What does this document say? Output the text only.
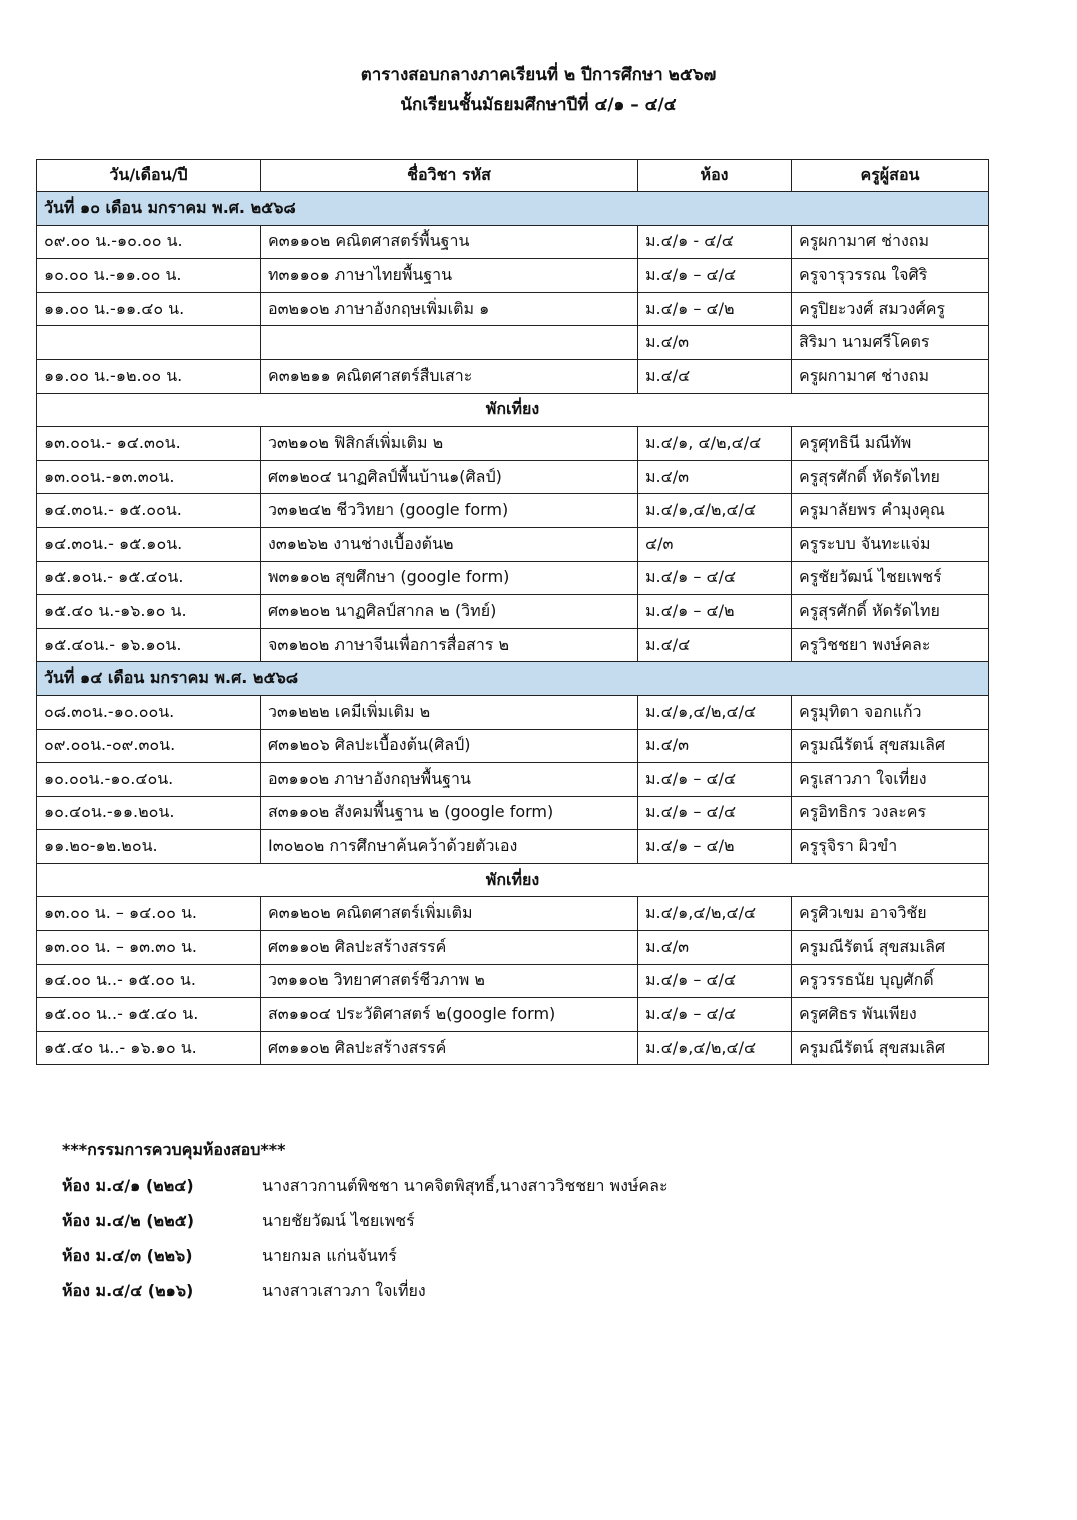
ตารางสอบกลางภาคเรียนที่ ๒ ปีการศึกษา ๒๕๖๗
นักเรียนชั้นมัธยมศึกษาปีที่ ๔/๑ – ๔/๔
วัน/เดือน/ปี	ชื่อวิชา รหัส	ห้อง	ครูผู้สอน
วันที่ ๑๐ เดือน มกราคม พ.ศ. ๒๕๖๘			
๐๙.๐๐ น.-๑๐.๐๐ น.	ค๓๑๑๐๒ คณิตศาสตร์พื้นฐาน	ม.๔/๑ - ๔/๔	ครูผกามาศ ช่างถม
๑๐.๐๐ น.-๑๑.๐๐ น.	ท๓๑๑๐๑ ภาษาไทยพื้นฐาน	ม.๔/๑ – ๔/๔	ครูจารุวรรณ ใจศิริ
๑๑.๐๐ น.-๑๑.๔๐ น.	อ๓๒๑๐๒ ภาษาอังกฤษเพิ่มเติม ๑	ม.๔/๑ – ๔/๒	ครูปิยะวงศ์ สมวงศ์ครู
		ม.๔/๓	สิริมา นามศรีโคตร
๑๑.๐๐ น.-๑๒.๐๐ น.	ค๓๑๒๑๑ คณิตศาสตร์สืบเสาะ	ม.๔/๔	ครูผกามาศ ช่างถม
พักเที่ยง			
๑๓.๐๐น.- ๑๔.๓๐น.	ว๓๒๑๐๒ ฟิสิกส์เพิ่มเติม ๒	ม.๔/๑, ๔/๒,๔/๔	ครูศุทธินี มณีทัพ
๑๓.๐๐น.-๑๓.๓๐น.	ศ๓๑๒๐๔ นาฏศิลป์พื้นบ้าน๑(ศิลป์)	ม.๔/๓	ครูสุรศักดิ์ หัดรัดไทย
๑๔.๓๐น.- ๑๕.๐๐น.	ว๓๑๒๔๒ ชีววิทยา (google form)	ม.๔/๑,๔/๒,๔/๔	ครูมาลัยพร คำมุงคุณ
๑๔.๓๐น.- ๑๕.๑๐น.	ง๓๑๒๖๒ งานช่างเบื้องต้น๒	๔/๓	ครูระบบ จันทะแจ่ม
๑๕.๑๐น.- ๑๕.๔๐น.	พ๓๑๑๐๒ สุขศึกษา (google form)	ม.๔/๑ – ๔/๔	ครูชัยวัฒน์ ไชยเพชร์
๑๕.๔๐ น.-๑๖.๑๐ น.	ศ๓๑๒๐๒ นาฏศิลป์สากล ๒ (วิทย์)	ม.๔/๑ – ๔/๒	ครูสุรศักดิ์ หัดรัดไทย
๑๕.๔๐น.- ๑๖.๑๐น.	จ๓๑๒๐๒ ภาษาจีนเพื่อการสื่อสาร ๒	ม.๔/๔	ครูวิชชยา พงษ์คละ
วันที่ ๑๔ เดือน มกราคม พ.ศ. ๒๕๖๘			
๐๘.๓๐น.-๑๐.๐๐น.	ว๓๑๒๒๒ เคมีเพิ่มเติม ๒	ม.๔/๑,๔/๒,๔/๔	ครูมุทิตา จอกแก้ว
๐๙.๐๐น.-๐๙.๓๐น.	ศ๓๑๒๐๖ ศิลปะเบื้องต้น(ศิลป์)	ม.๔/๓	ครูมณีรัตน์ สุขสมเลิศ
๑๐.๐๐น.-๑๐.๔๐น.	อ๓๑๑๐๒ ภาษาอังกฤษพื้นฐาน	ม.๔/๑ – ๔/๔	ครูเสาวภา ใจเที่ยง
๑๐.๔๐น.-๑๑.๒๐น.	ส๓๑๑๐๒ สังคมพื้นฐาน ๒ (google form)	ม.๔/๑ – ๔/๔	ครูอิทธิกร วงละคร
๑๑.๒๐-๑๒.๒๐น.	I๓๐๒๐๒ การศึกษาค้นคว้าด้วยตัวเอง	ม.๔/๑ – ๔/๒	ครูรุจิรา ผิวขำ
พักเที่ยง			
๑๓.๐๐ น. – ๑๔.๐๐ น.	ค๓๑๒๐๒ คณิตศาสตร์เพิ่มเติม	ม.๔/๑,๔/๒,๔/๔	ครูศิวเขม อาจวิชัย
๑๓.๐๐ น. – ๑๓.๓๐ น.	ศ๓๑๑๐๒ ศิลปะสร้างสรรค์	ม.๔/๓	ครูมณีรัตน์ สุขสมเลิศ
๑๔.๐๐ น..- ๑๕.๐๐ น.	ว๓๑๑๐๒ วิทยาศาสตร์ชีวภาพ ๒	ม.๔/๑ – ๔/๔	ครูวรรธนัย บุญศักดิ์
๑๕.๐๐ น..- ๑๕.๔๐ น.	ส๓๑๑๐๔ ประวัติศาสตร์ ๒(google form)	ม.๔/๑ – ๔/๔	ครูศศิธร พันเพียง
๑๕.๔๐ น..- ๑๖.๑๐ น.	ศ๓๑๑๐๒ ศิลปะสร้างสรรค์	ม.๔/๑,๔/๒,๔/๔	ครูมณีรัตน์ สุขสมเลิศ
***กรรมการควบคุมห้องสอบ***
ห้อง ม.๔/๑ (๒๒๔)	นางสาวกานต์พิชชา นาคจิตพิสุทธิ์,นางสาววิชชยา พงษ์คละ
ห้อง ม.๔/๒ (๒๒๕)	นายชัยวัฒน์ ไชยเพชร์
ห้อง ม.๔/๓ (๒๒๖)	นายกมล แก่นจันทร์
ห้อง ม.๔/๔ (๒๑๖)	นางสาวเสาวภา ใจเที่ยง
